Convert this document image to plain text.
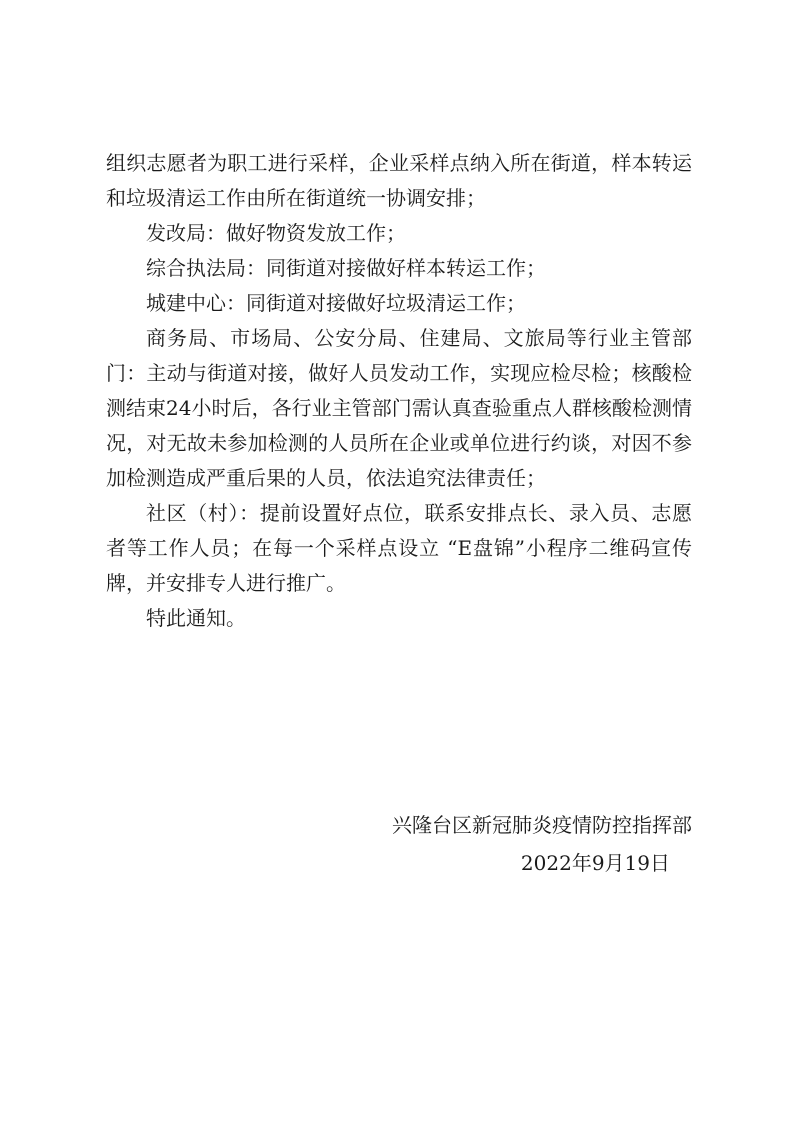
组织志愿者为职工进行采样，企业采样点纳入所在街道，样本转运和垃圾清运工作由所在街道统一协调安排；

发改局：做好物资发放工作；

综合执法局：同街道对接做好样本转运工作；

城建中心：同街道对接做好垃圾清运工作；

商务局、市场局、公安分局、住建局、文旅局等行业主管部门：主动与街道对接，做好人员发动工作，实现应检尽检；核酸检测结束24小时后，各行业主管部门需认真查验重点人群核酸检测情况，对无故未参加检测的人员所在企业或单位进行约谈，对因不参加检测造成严重后果的人员，依法追究法律责任；

社区（村）：提前设置好点位，联系安排点长、录入员、志愿者等工作人员；在每一个采样点设立 “E盘锦”小程序二维码宣传牌，并安排专人进行推广。

特此通知。

兴隆台区新冠肺炎疫情防控指挥部
2022年9月19日
